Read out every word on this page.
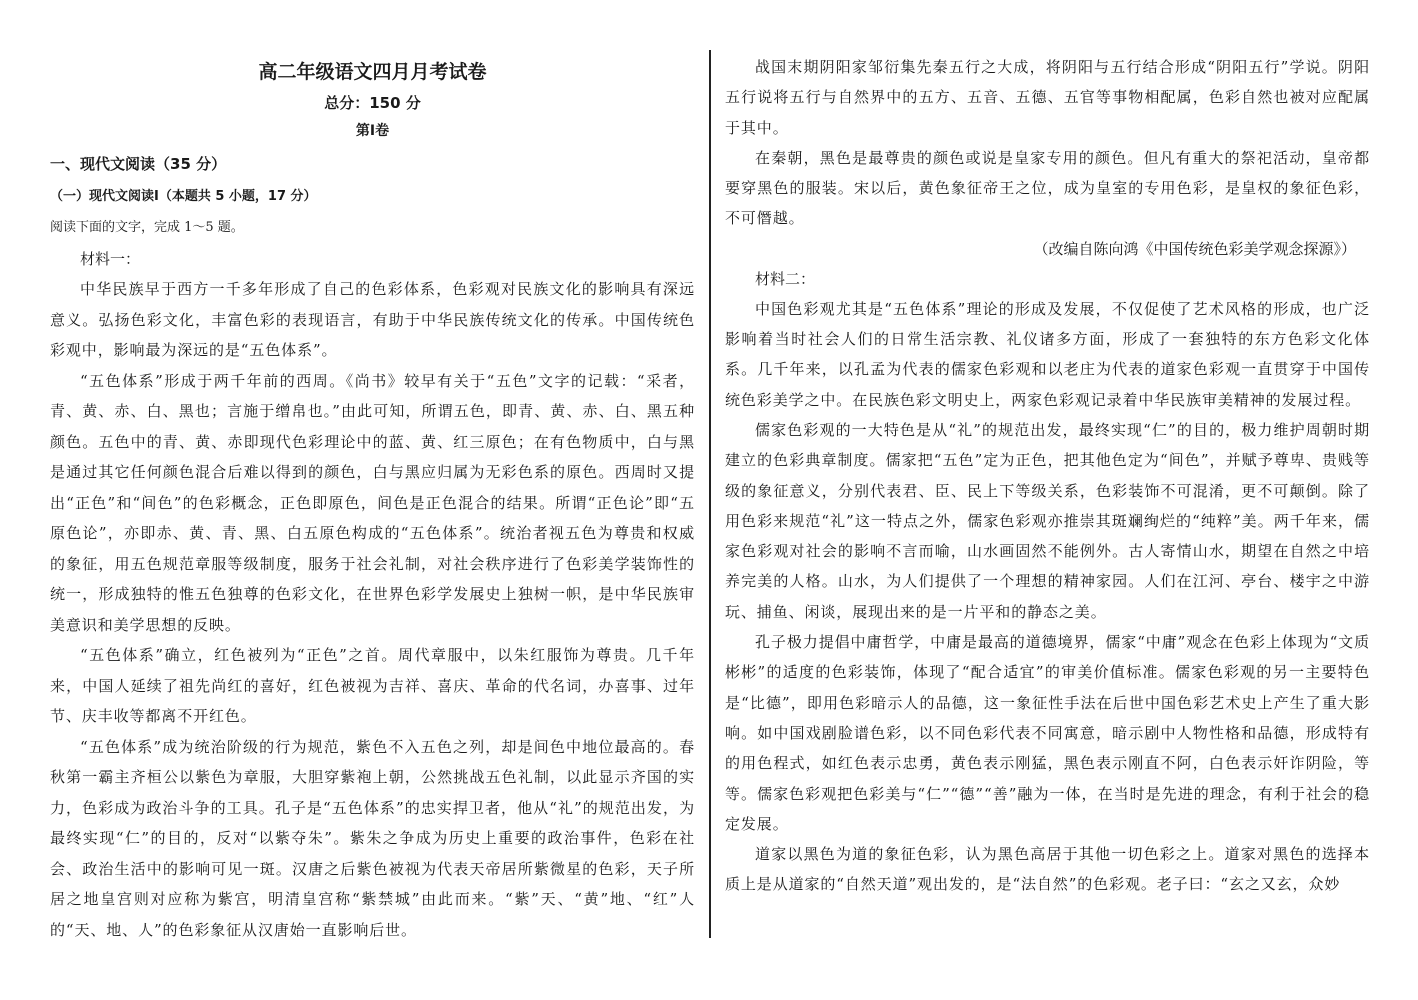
高二年级语文四月月考试卷
总分：150 分
第Ⅰ卷
一、现代文阅读（35 分）
（一）现代文阅读Ⅰ（本题共 5 小题，17 分）
阅读下面的文字，完成 1～5 题。
材料一：

中华民族早于西方一千多年形成了自己的色彩体系，色彩观对民族文化的影响具有深远意义。弘扬色彩文化，丰富色彩的表现语言，有助于中华民族传统文化的传承。中国传统色彩观中，影响最为深远的是“五色体系”。

“五色体系”形成于两千年前的西周。《尚书》较早有关于“五色”文字的记载：“采者，青、黄、赤、白、黑也；言施于缯帛也。”由此可知，所谓五色，即青、黄、赤、白、黑五种颜色。五色中的青、黄、赤即现代色彩理论中的蓝、黄、红三原色；在有色物质中，白与黑是通过其它任何颜色混合后难以得到的颜色，白与黑应归属为无彩色系的原色。西周时又提出“正色”和“间色”的色彩概念，正色即原色，间色是正色混合的结果。所谓“正色论”即“五原色论”，亦即赤、黄、青、黑、白五原色构成的“五色体系”。统治者视五色为尊贵和权威的象征，用五色规范章服等级制度，服务于社会礼制，对社会秩序进行了色彩美学装饰性的统一，形成独特的惟五色独尊的色彩文化，在世界色彩学发展史上独树一帜，是中华民族审美意识和美学思想的反映。

“五色体系”确立，红色被列为“正色”之首。周代章服中，以朱红服饰为尊贵。几千年来，中国人延续了祖先尚红的喜好，红色被视为吉祥、喜庆、革命的代名词，办喜事、过年节、庆丰收等都离不开红色。

“五色体系”成为统治阶级的行为规范，紫色不入五色之列，却是间色中地位最高的。春秋第一霸主齐桓公以紫色为章服，大胆穿紫袍上朝，公然挑战五色礼制，以此显示齐国的实力，色彩成为政治斗争的工具。孔子是“五色体系”的忠实捍卫者，他从“礼”的规范出发，为最终实现“仁”的目的，反对“以紫夺朱”。紫朱之争成为历史上重要的政治事件，色彩在社会、政治生活中的影响可见一斑。汉唐之后紫色被视为代表天帝居所紫微星的色彩，天子所居之地皇宫则对应称为紫宫，明清皇宫称“紫禁城”由此而来。“紫”天、“黄”地、“红”人的“天、地、人”的色彩象征从汉唐始一直影响后世。

战国末期阴阳家邹衍集先秦五行之大成，将阴阳与五行结合形成“阴阳五行”学说。阴阳五行说将五行与自然界中的五方、五音、五德、五官等事物相配属，色彩自然也被对应配属于其中。

在秦朝，黑色是最尊贵的颜色或说是皇家专用的颜色。但凡有重大的祭祀活动，皇帝都要穿黑色的服装。宋以后，黄色象征帝王之位，成为皇室的专用色彩，是皇权的象征色彩，不可僭越。

（改编自陈向鸿《中国传统色彩美学观念探源》）
材料二：

中国色彩观尤其是“五色体系”理论的形成及发展，不仅促使了艺术风格的形成，也广泛影响着当时社会人们的日常生活宗教、礼仪诸多方面，形成了一套独特的东方色彩文化体系。几千年来，以孔孟为代表的儒家色彩观和以老庄为代表的道家色彩观一直贯穿于中国传统色彩美学之中。在民族色彩文明史上，两家色彩观记录着中华民族审美精神的发展过程。

儒家色彩观的一大特色是从“礼”的规范出发，最终实现“仁”的目的，极力维护周朝时期建立的色彩典章制度。儒家把“五色”定为正色，把其他色定为“间色”，并赋予尊卑、贵贱等级的象征意义，分别代表君、臣、民上下等级关系，色彩装饰不可混淆，更不可颠倒。除了用色彩来规范“礼”这一特点之外，儒家色彩观亦推崇其斑斓绚烂的“纯粹”美。两千年来，儒家色彩观对社会的影响不言而喻，山水画固然不能例外。古人寄情山水，期望在自然之中培养完美的人格。山水，为人们提供了一个理想的精神家园。人们在江河、亭台、楼宇之中游玩、捕鱼、闲谈，展现出来的是一片平和的静态之美。

孔子极力提倡中庸哲学，中庸是最高的道德境界，儒家“中庸”观念在色彩上体现为“文质彬彬”的适度的色彩装饰，体现了“配合适宜”的审美价值标准。儒家色彩观的另一主要特色是“比德”，即用色彩暗示人的品德，这一象征性手法在后世中国色彩艺术史上产生了重大影响。如中国戏剧脸谱色彩，以不同色彩代表不同寓意，暗示剧中人物性格和品德，形成特有的用色程式，如红色表示忠勇，黄色表示刚猛，黑色表示刚直不阿，白色表示奸诈阴险，等等。儒家色彩观把色彩美与“仁”“德”“善”融为一体，在当时是先进的理念，有利于社会的稳定发展。

道家以黑色为道的象征色彩，认为黑色高居于其他一切色彩之上。道家对黑色的选择本质上是从道家的“自然天道”观出发的，是“法自然”的色彩观。老子曰：“玄之又玄，众妙
